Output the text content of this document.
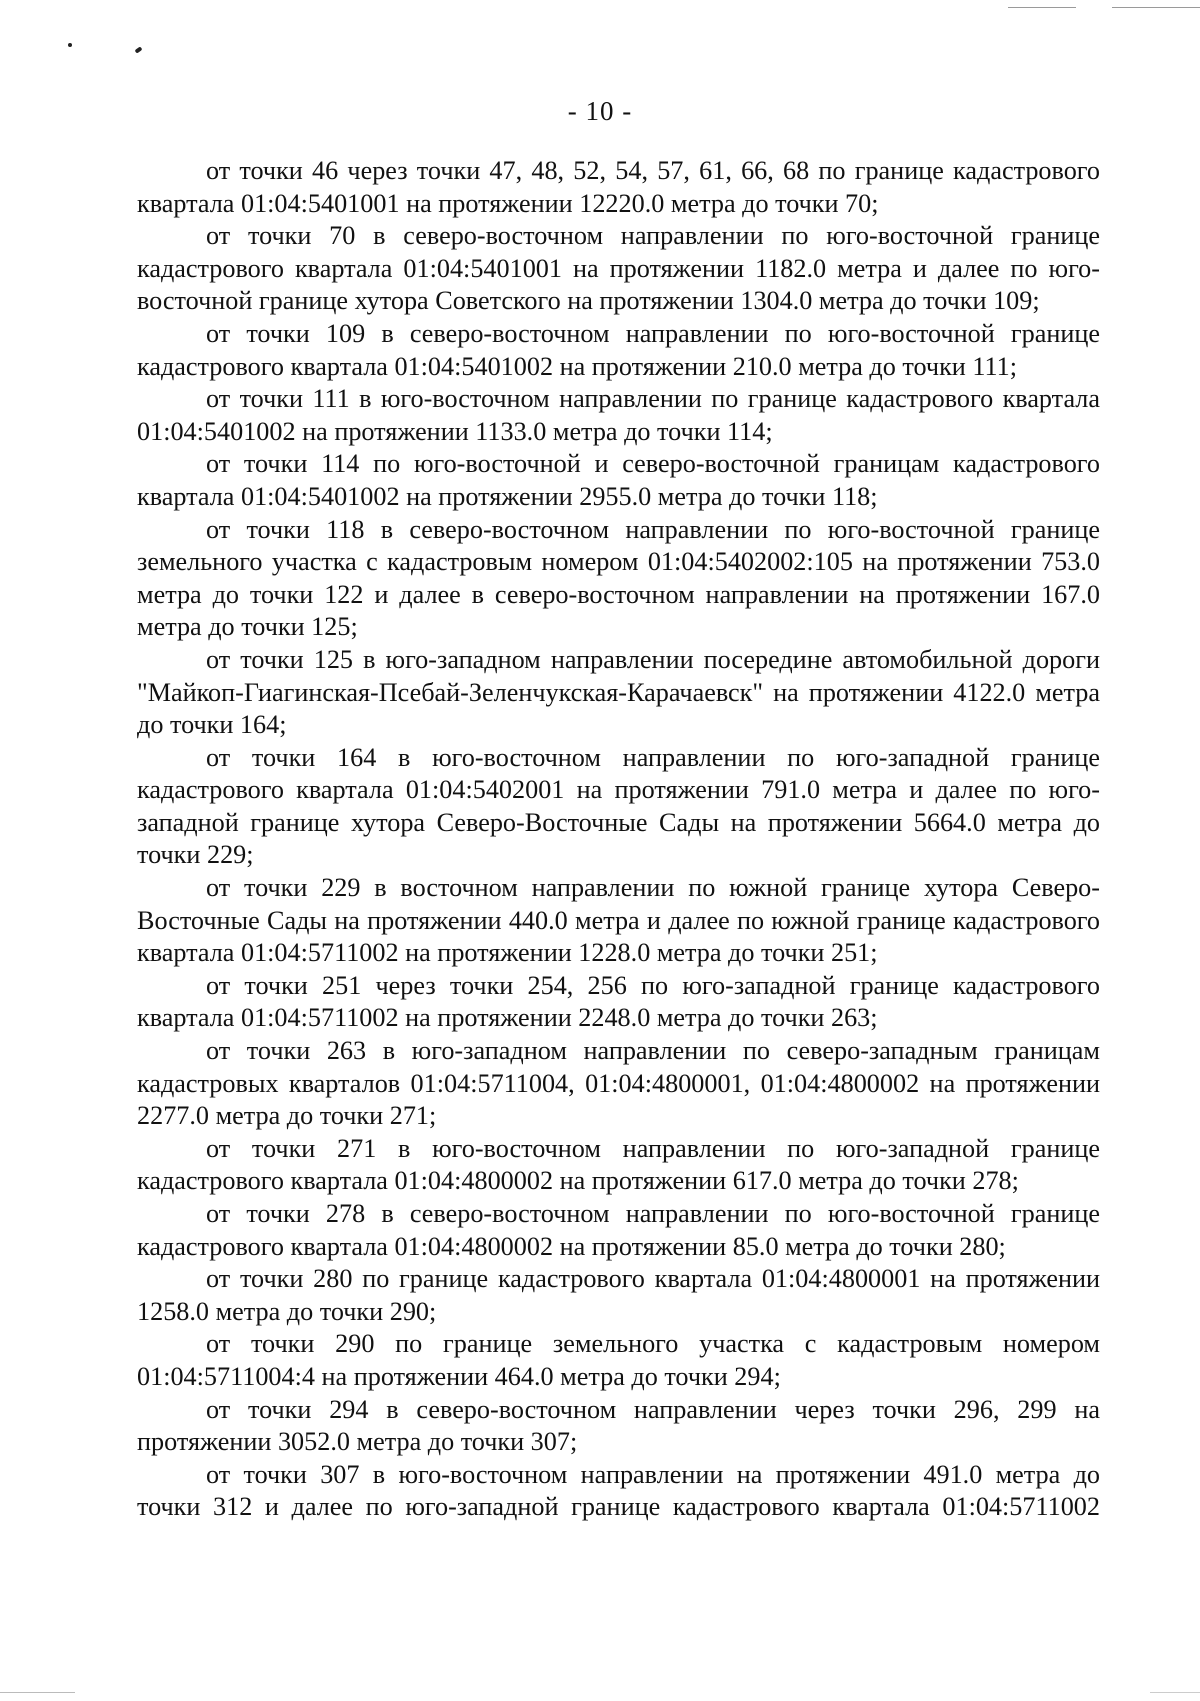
- 10 -

от точки 46 через точки 47, 48, 52, 54, 57, 61, 66, 68 по границе кадастрового квартала 01:04:5401001 на протяжении 12220.0 метра до точки 70;

от точки 70 в северо-восточном направлении по юго-восточной границе кадастрового квартала 01:04:5401001 на протяжении 1182.0 метра и далее по юго-восточной границе хутора Советского на протяжении 1304.0 метра до точки 109;

от точки 109 в северо-восточном направлении по юго-восточной границе кадастрового квартала 01:04:5401002 на протяжении 210.0 метра до точки 111;

от точки 111 в юго-восточном направлении по границе кадастрового квартала 01:04:5401002 на протяжении 1133.0 метра до точки 114;

от точки 114 по юго-восточной и северо-восточной границам кадастрового квартала 01:04:5401002 на протяжении 2955.0 метра до точки 118;

от точки 118 в северо-восточном направлении по юго-восточной границе земельного участка с кадастровым номером 01:04:5402002:105 на протяжении 753.0 метра до точки 122 и далее в северо-восточном направлении на протяжении 167.0 метра до точки 125;

от точки 125 в юго-западном направлении посередине автомобильной дороги "Майкоп-Гиагинская-Псебай-Зеленчукская-Карачаевск" на протяжении 4122.0 метра до точки 164;

от точки 164 в юго-восточном направлении по юго-западной границе кадастрового квартала 01:04:5402001 на протяжении 791.0 метра и далее по юго-западной границе хутора Северо-Восточные Сады на протяжении 5664.0 метра до точки 229;

от точки 229 в восточном направлении по южной границе хутора Северо-Восточные Сады на протяжении 440.0 метра и далее по южной границе кадастрового квартала 01:04:5711002 на протяжении 1228.0 метра до точки 251;

от точки 251 через точки 254, 256 по юго-западной границе кадастрового квартала 01:04:5711002 на протяжении 2248.0 метра до точки 263;

от точки 263 в юго-западном направлении по северо-западным границам кадастровых кварталов 01:04:5711004, 01:04:4800001, 01:04:4800002 на протяжении 2277.0 метра до точки 271;

от точки 271 в юго-восточном направлении по юго-западной границе кадастрового квартала 01:04:4800002 на протяжении 617.0 метра до точки 278;

от точки 278 в северо-восточном направлении по юго-восточной границе кадастрового квартала 01:04:4800002 на протяжении 85.0 метра до точки 280;

от точки 280 по границе кадастрового квартала 01:04:4800001 на протяжении 1258.0 метра до точки 290;

от точки 290 по границе земельного участка с кадастровым номером 01:04:5711004:4 на протяжении 464.0 метра до точки 294;

от точки 294 в северо-восточном направлении через точки 296, 299 на протяжении 3052.0 метра до точки 307;

от точки 307 в юго-восточном направлении на протяжении 491.0 метра до точки 312 и далее по юго-западной границе кадастрового квартала 01:04:5711002
